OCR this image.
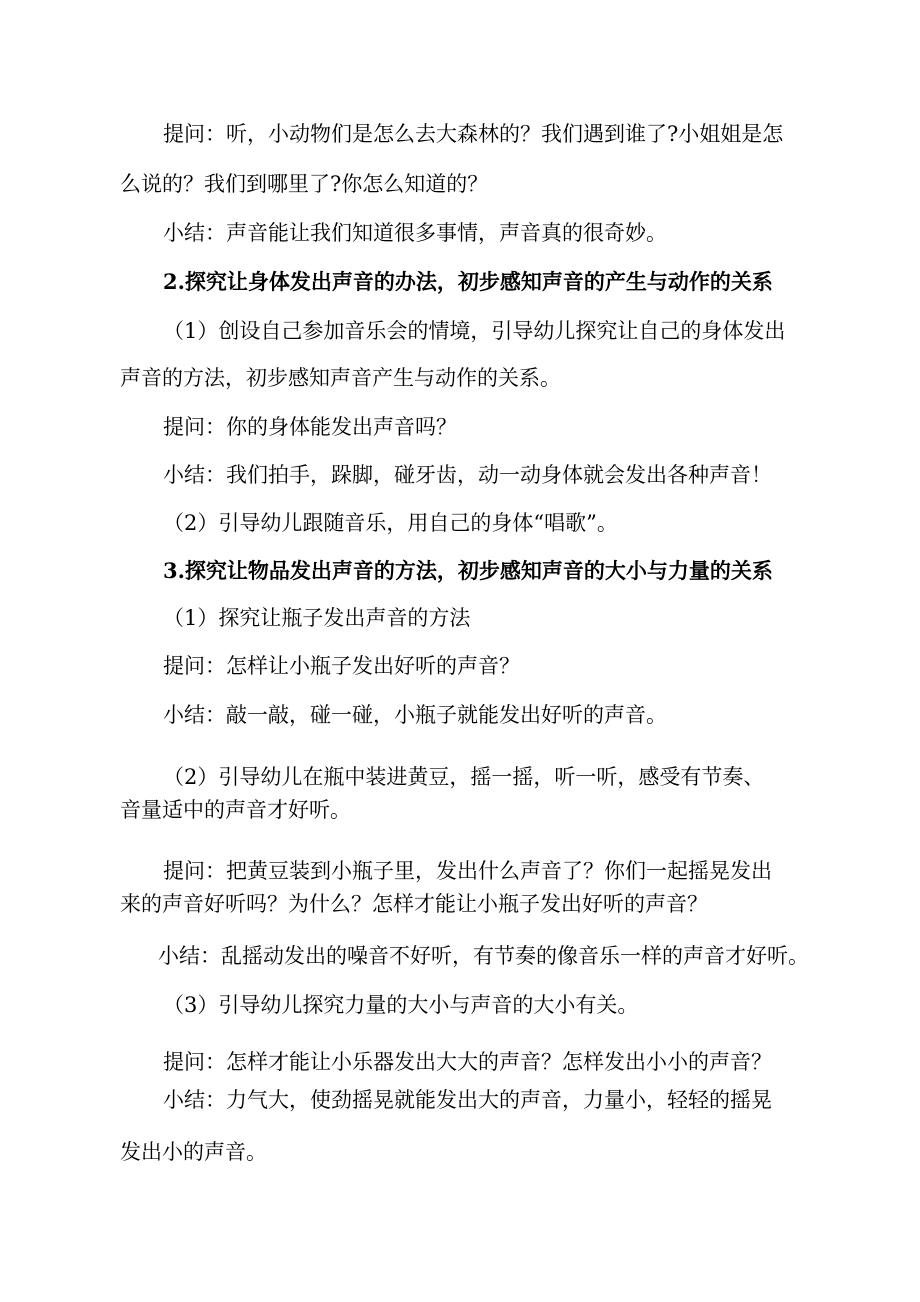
提问：听，小动物们是怎么去大森林的？我们遇到谁了?小姐姐是怎
么说的？我们到哪里了?你怎么知道的？
小结：声音能让我们知道很多事情，声音真的很奇妙。
2.探究让身体发出声音的办法，初步感知声音的产生与动作的关系
（1）创设自己参加音乐会的情境，引导幼儿探究让自己的身体发出
声音的方法，初步感知声音产生与动作的关系。
提问：你的身体能发出声音吗？
小结：我们拍手，跺脚，碰牙齿，动一动身体就会发出各种声音！
（2）引导幼儿跟随音乐，用自己的身体“唱歌”。
3.探究让物品发出声音的方法，初步感知声音的大小与力量的关系
（1）探究让瓶子发出声音的方法
提问：怎样让小瓶子发出好听的声音？
小结：敲一敲，碰一碰，小瓶子就能发出好听的声音。
（2）引导幼儿在瓶中装进黄豆，摇一摇，听一听，感受有节奏、
音量适中的声音才好听。
提问：把黄豆装到小瓶子里，发出什么声音了？你们一起摇晃发出
来的声音好听吗？为什么？怎样才能让小瓶子发出好听的声音？
小结：乱摇动发出的噪音不好听，有节奏的像音乐一样的声音才好听。
（3）引导幼儿探究力量的大小与声音的大小有关。
提问：怎样才能让小乐器发出大大的声音？怎样发出小小的声音？
小结：力气大，使劲摇晃就能发出大的声音，力量小，轻轻的摇晃
发出小的声音。
